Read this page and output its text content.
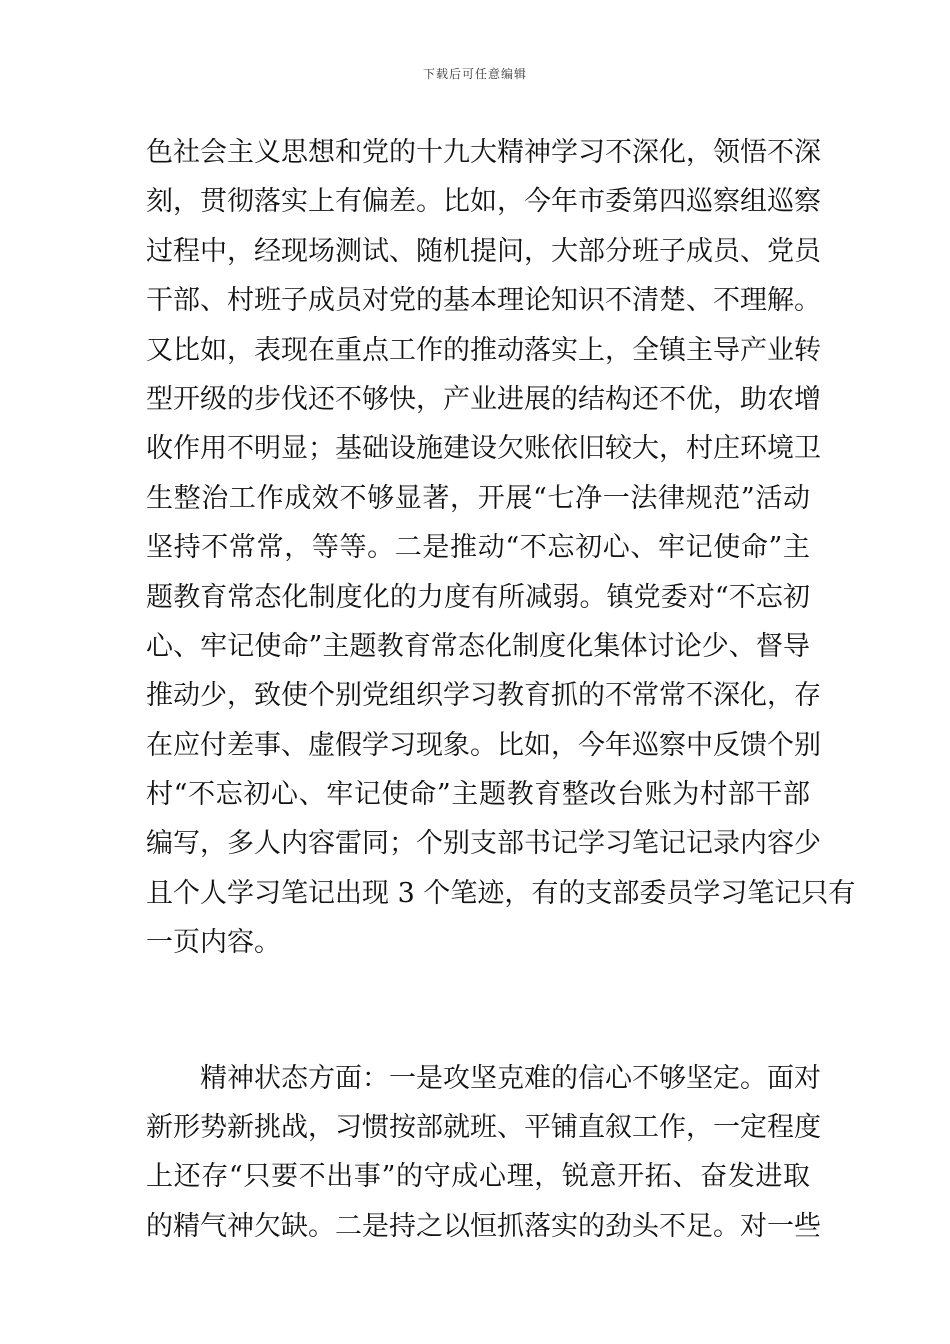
下载后可任意编辑
色社会主义思想和党的十九大精神学习不深化，领悟不深
刻，贯彻落实上有偏差。比如，今年市委第四巡察组巡察
过程中，经现场测试、随机提问，大部分班子成员、党员
干部、村班子成员对党的基本理论知识不清楚、不理解。
又比如，表现在重点工作的推动落实上，全镇主导产业转
型开级的步伐还不够快，产业进展的结构还不优，助农增
收作用不明显；基础设施建设欠账依旧较大，村庄环境卫
生整治工作成效不够显著，开展“七净一法律规范”活动
坚持不常常，等等。二是推动“不忘初心、牢记使命”主
题教育常态化制度化的力度有所减弱。镇党委对“不忘初
心、牢记使命”主题教育常态化制度化集体讨论少、督导
推动少，致使个别党组织学习教育抓的不常常不深化，存
在应付差事、虚假学习现象。比如，今年巡察中反馈个别
村“不忘初心、牢记使命”主题教育整改台账为村部干部
编写，多人内容雷同；个别支部书记学习笔记记录内容少
且个人学习笔记出现 3 个笔迹，有的支部委员学习笔记只有
一页内容。
精神状态方面：一是攻坚克难的信心不够坚定。面对
新形势新挑战，习惯按部就班、平铺直叙工作，一定程度
上还存“只要不出事”的守成心理，锐意开拓、奋发进取
的精气神欠缺。二是持之以恒抓落实的劲头不足。对一些
